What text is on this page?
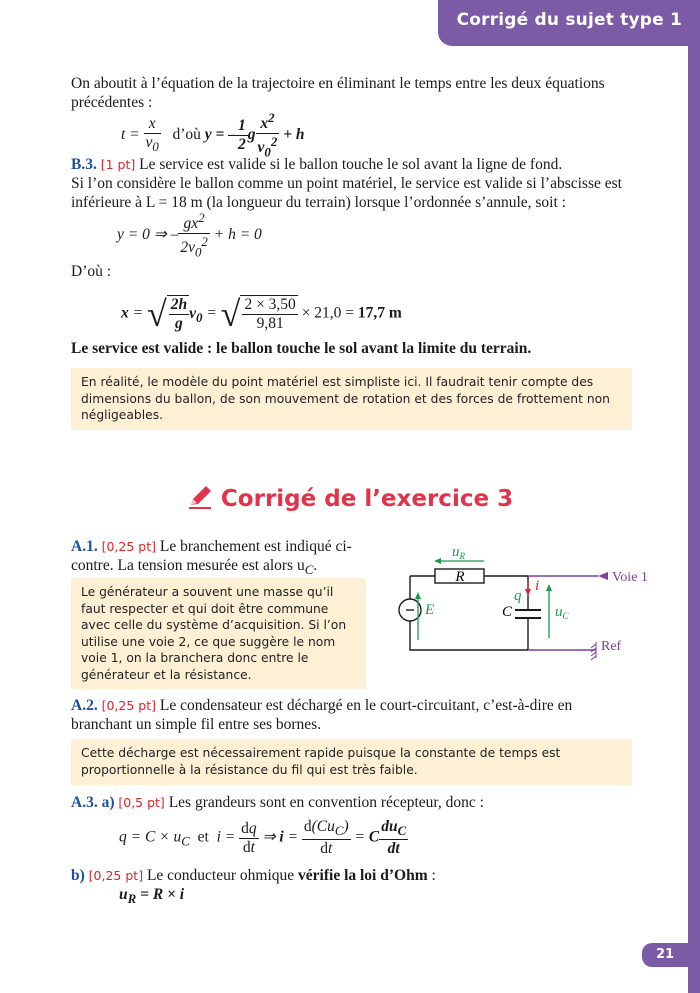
Corrigé du sujet type 1

On aboutit à l’équation de la trajectoire en éliminant le temps entre les deux équations précédentes :

$t = \frac{x}{v_0}$ d’où y = – $\frac{1}{2}$ g $\frac{x^2}{v_0^2} + h$

B.3. [1 pt] Le service est valide si le ballon touche le sol avant la ligne de fond.

Si l’on considère le ballon comme un point matériel, le service est valide si l’abscisse est inférieure à L = 18 m (la longueur du terrain) lorsque l’ordonnée s’annule, soit :

y = 0 ⇒ – $\frac{gx^2}{2v_0^2} + h = 0$

D’où :

x = √ $\frac{2h}{g} v_0$ = √ $\frac{2 \times 3,50}{9,81} \times 21,0 = 17,7$ m

Le service est valide : le ballon touche le sol avant la limite du terrain.

En réalité, le modèle du point matériel est simpliste ici. Il faudrait tenir compte des dimensions du ballon, de son mouvement de rotation et des forces de frottement non négligeables.
Corrigé de l’exercice 3

A.1. [0,25 pt] Le branchement est indiqué ci-contre. La tension mesurée est alors $u_C$.

Le générateur a souvent une masse qu’il faut respecter et qui doit être commune avec celle du système d’acquisition. Si l’on utilise une voie 2, ce que suggère le nom voie 1, on la branchera donc entre le générateur et la résistance.
R
C
E
q
i
$u_R$
$u_C$
Voie 1
Ref

A.2. [0,25 pt] Le condensateur est déchargé en le court-circuitant, c’est-à-dire en branchant un simple fil entre ses bornes.

Cette décharge est nécessairement rapide puisque la constante de temps est proportionnelle à la résistance du fil qui est très faible.

A.3. a) [0,5 pt] Les grandeurs sont en convention récepteur, donc :

$q = C \times u_C$ et  $i = \frac{dq}{dt}$ ⇒ $i = \frac{d(Cu_C)}{dt} = C \frac{du_C}{dt}$

b) [0,25 pt] Le conducteur ohmique vérifie la loi d’Ohm :

$u_R = R \times i$
21
